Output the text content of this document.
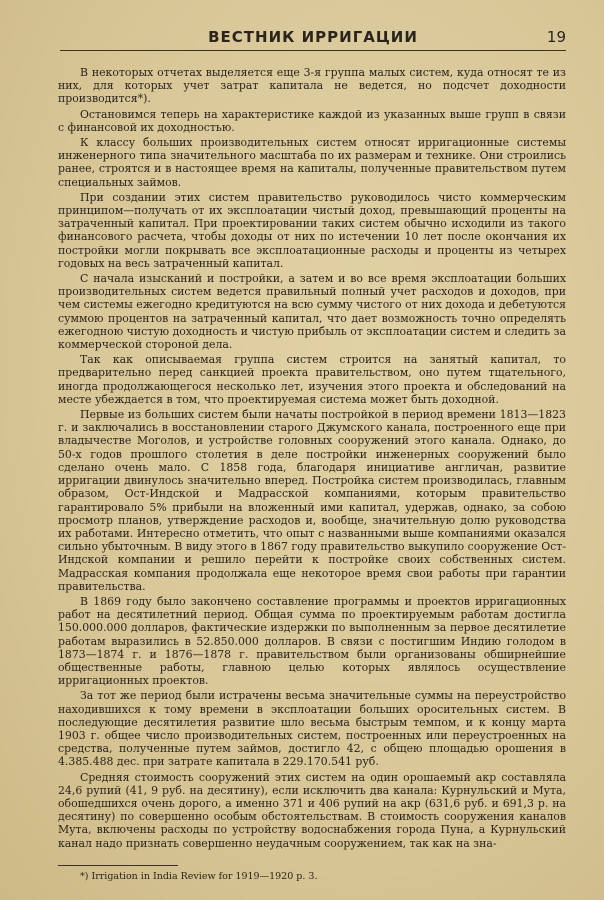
ВЕСТНИК ИРРИГАЦИИ	19

В некоторых отчетах выделяется еще 3-я группа малых систем, куда относят те из них, для которых учет затрат капитала не ведется, но подсчет доходности производится*).

Остановимся теперь на характеристике каждой из указанных выше групп в связи с финансовой их доходностью.

К классу больших производительных систем относят ирригационные системы инженерного типа значительного масштаба по их размерам и технике. Они строились ранее, строятся и в настоящее время на капиталы, полученные правительством путем специальных займов.

При создании этих систем правительство руководилось чисто коммерческим принципом—получать от их эксплоатации чистый доход, превышающий проценты на затраченный капитал. При проектировании таких систем обычно исходили из такого финансового расчета, чтобы доходы от них по истечении 10 лет после окончания их постройки могли покрывать все эксплоатационные расходы и проценты из четырех годовых на весь затраченный капитал.

С начала изысканий и постройки, а затем и во все время эксплоатации больших производительных систем ведется правильный полный учет расходов и доходов, при чем системы ежегодно кредитуются на всю сумму чистого от них дохода и дебетуются суммою процентов на затраченный капитал, что дает возможность точно определять ежегодною чистую доходность и чистую прибыль от эксплоатации систем и следить за коммерческой стороной дела.

Так как описываемая группа систем строится на занятый капитал, то предварительно перед санкцией проекта правительством, оно путем тщательного, иногда продолжающегося несколько лет, изучения этого проекта и обследований на месте убеждается в том, что проектируемая система может быть доходной.

Первые из больших систем были начаты постройкой в период времени 1813—1823 г. и заключались в восстановлении старого Джумского канала, построенного еще при владычестве Моголов, и устройстве головных сооружений этого канала. Однако, до 50-х годов прошлого столетия в деле постройки инженерных сооружений было сделано очень мало. С 1858 года, благодаря инициативе англичан, развитие ирригации двинулось значительно вперед. Постройка систем производилась, главным образом, Ост-Индской и Мадрасской компаниями, которым правительство гарантировало 5% прибыли на вложенный ими капитал, удержав, однако, за собою просмотр планов, утверждение расходов и, вообще, значительную долю руководства их работами. Интересно отметить, что опыт с названными выше компаниями оказался сильно убыточным. В виду этого в 1867 году правительство выкупило сооружение Ост-Индской компании и решило перейти к постройке своих собственных систем. Мадрасская компания продолжала еще некоторое время свои работы при гарантии правительства.

В 1869 году было закончено составление программы и проектов ирригационных работ на десятилетний период. Общая сумма по проектируемым работам достигла 150.000.000 долларов, фактические издержки по выполненным за первое десятилетие работам выразились в 52.850.000 долларов. В связи с постигшим Индию голодом в 1873—1874 г. и 1876—1878 г. правительством были организованы обширнейшие общественные работы, главною целью которых являлось осуществление ирригационных проектов.

За тот же период были истрачены весьма значительные суммы на переустройство находившихся к тому времени в эксплоатации больших оросительных систем. В последующие десятилетия развитие шло весьма быстрым темпом, и к концу марта 1903 г. общее число производительных систем, построенных или переустроенных на средства, полученные путем займов, достигло 42, с общею площадью орошения в 4.385.488 дес. при затрате капитала в 229.170.541 руб.

Средняя стоимость сооружений этих систем на один орошаемый акр составляла 24,6 рупий (41, 9 руб. на десятину), если исключить два канала: Курнульский и Мута, обошедшихся очень дорого, а именно 371 и 406 рупий на акр (631,6 руб. и 691,3 р. на десятину) по совершенно особым обстоятельствам. В стоимость сооружения каналов Мута, включены расходы по устройству водоснабжения города Пуна, а Курнульский канал надо признать совершенно неудачным сооружением, так как на зна-

*) Irrigation in India Review for 1919—1920 p. 3.
